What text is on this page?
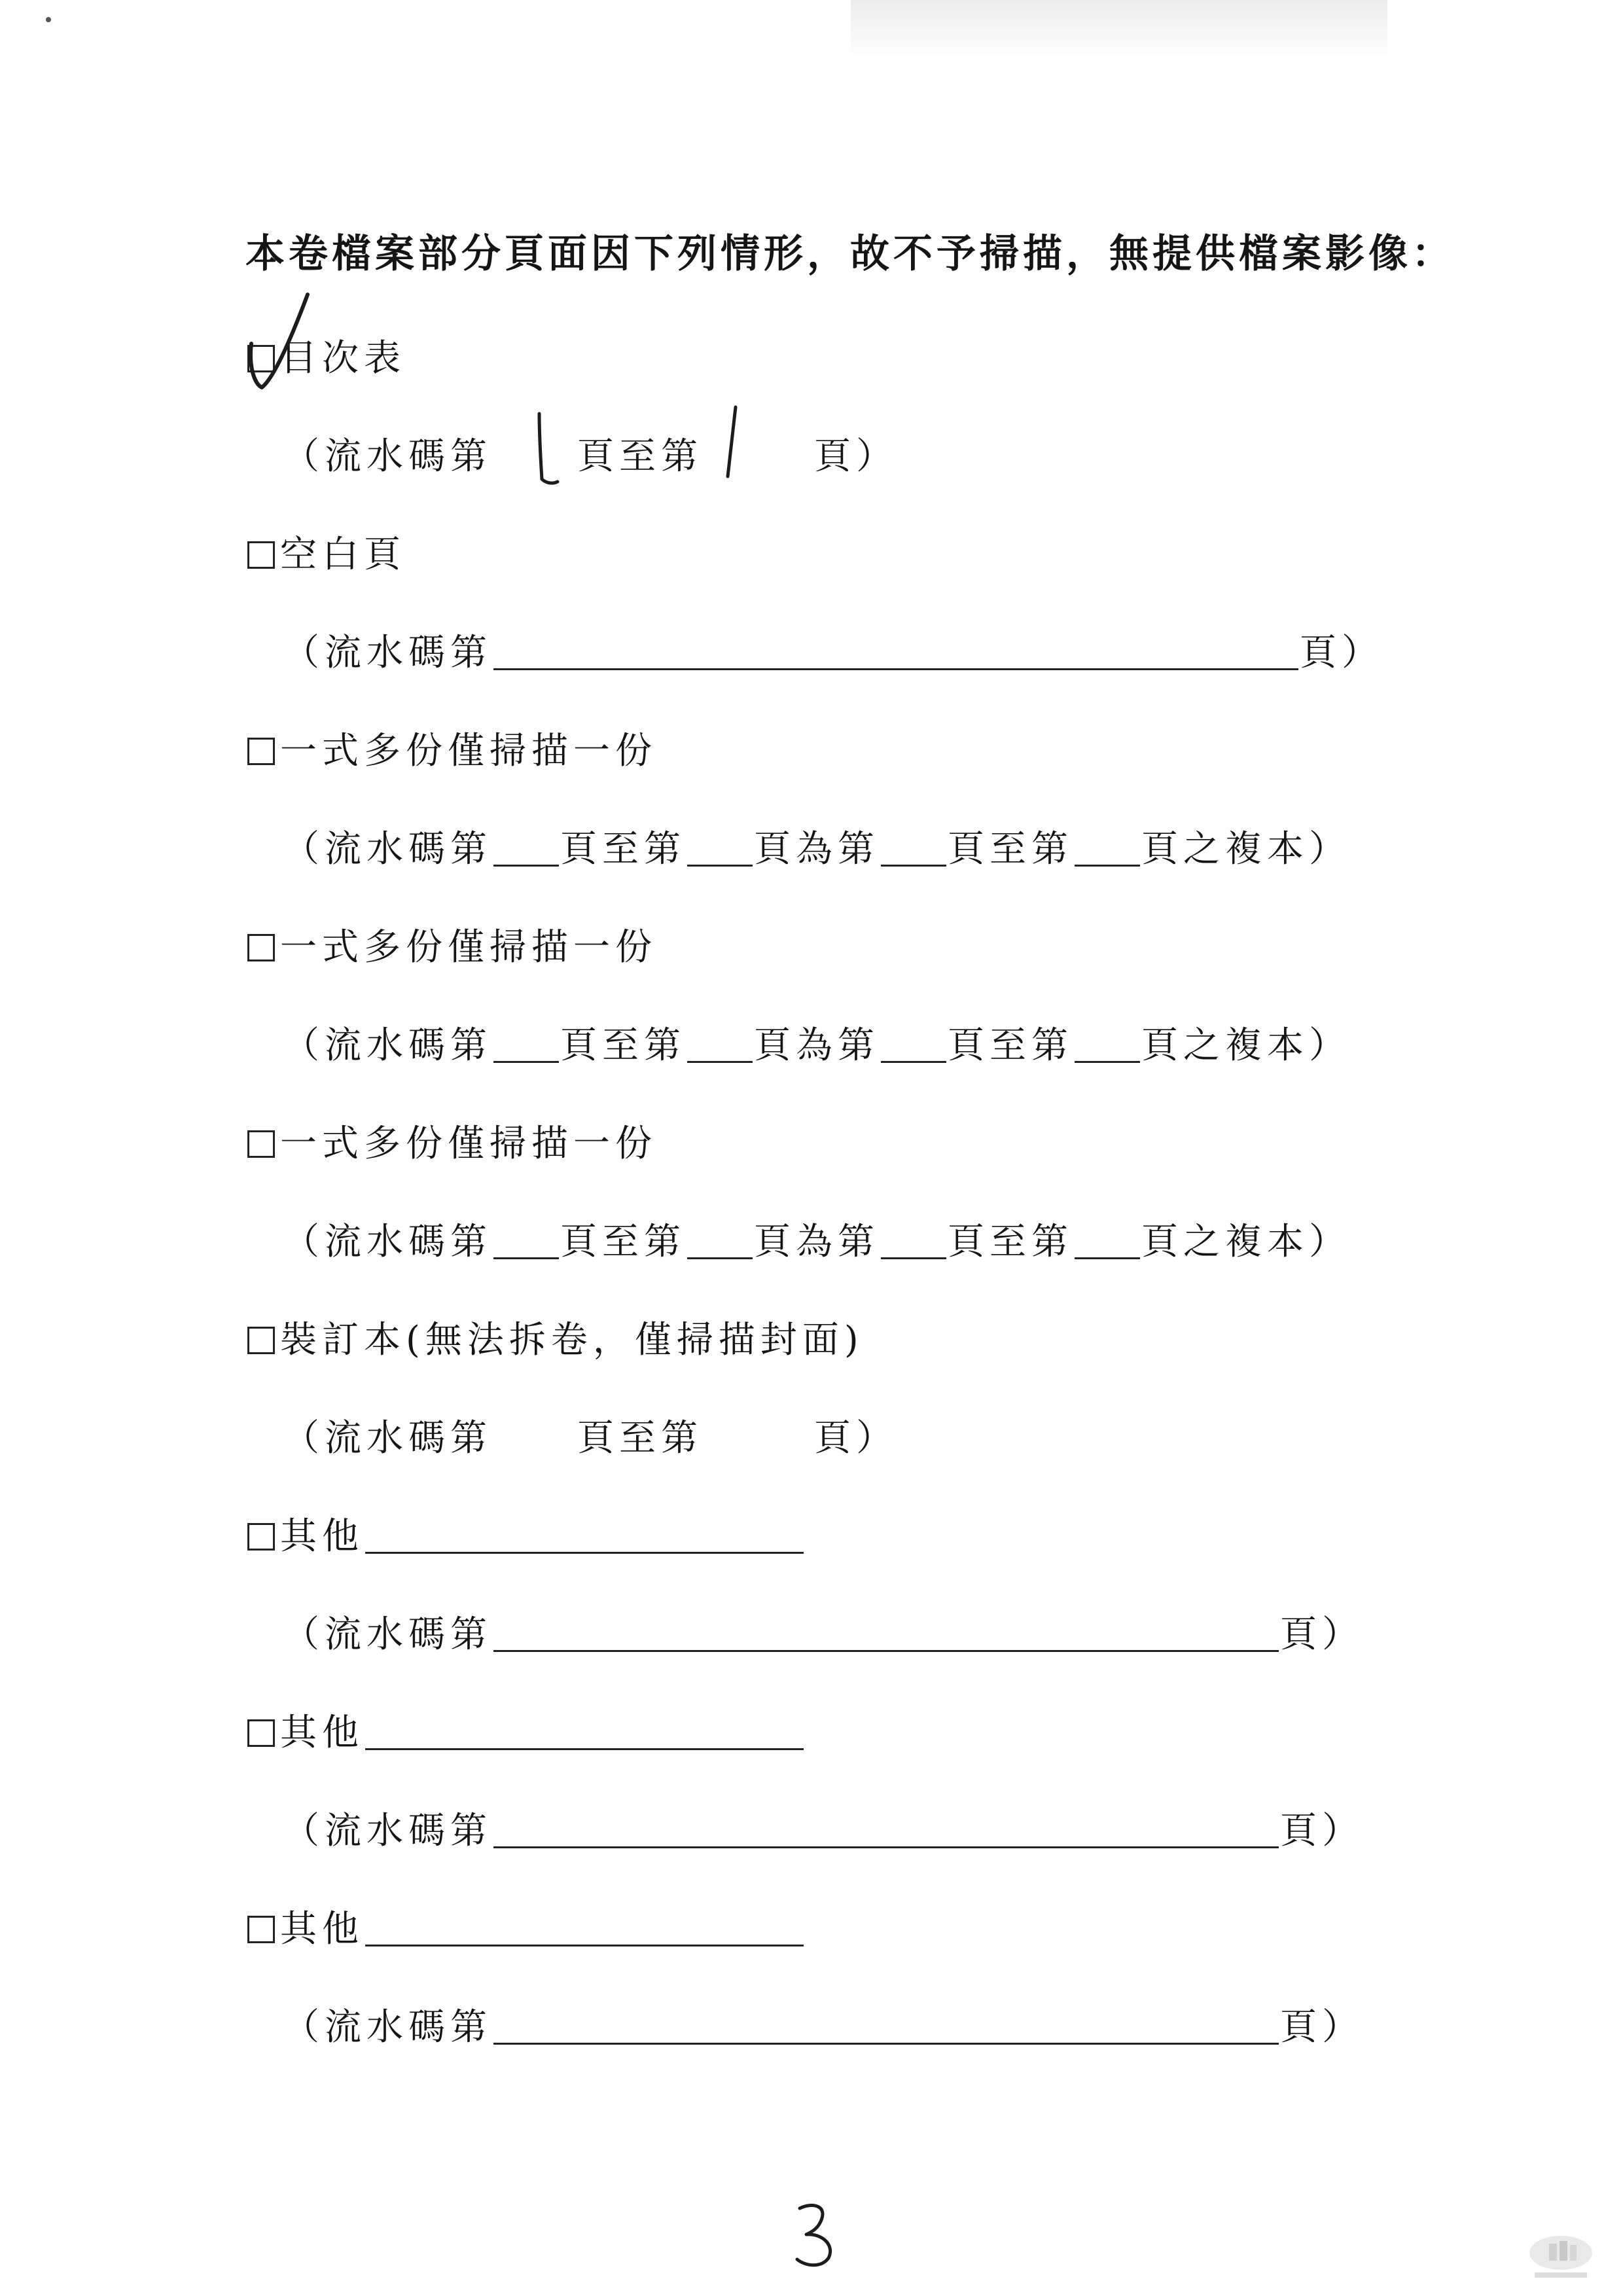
本卷檔案部分頁面因下列情形，故不予掃描，無提供檔案影像：
目次表
（流水碼第 頁至第	頁）
空白頁
（流水碼第	頁）
一式多份僅掃描一份
（流水碼第 頁至第 頁為第 頁至第 頁之複本）
一式多份僅掃描一份
（流水碼第 頁至第 頁為第 頁至第 頁之複本）
一式多份僅掃描一份
（流水碼第 頁至第 頁為第 頁至第 頁之複本）
裝訂本(無法拆卷，僅掃描封面)
（流水碼第 頁至第	頁）
其他
（流水碼第	頁）
其他
（流水碼第	頁）
其他
（流水碼第	頁）
